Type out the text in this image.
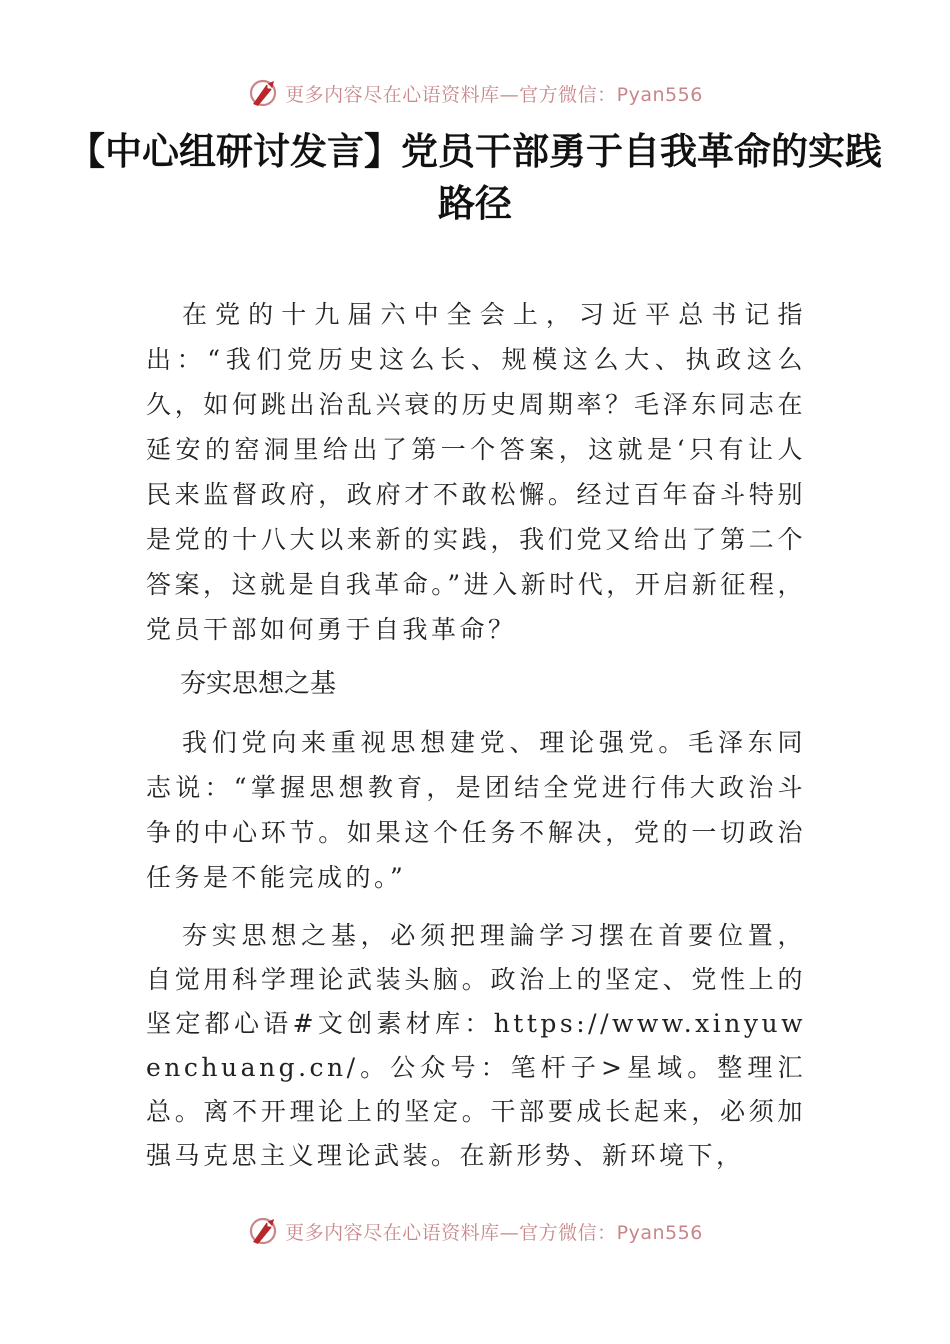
更多内容尽在心语资料库—官方微信：Pyan556
【中心组研讨发言】党员干部勇于自我革命的实践路径

在党的十九届六中全会上，习近平总书记指出：“我们党历史这么长、规模这么大、执政这么久，如何跳出治乱兴衰的历史周期率？毛泽东同志在延安的窑洞里给出了第一个答案，这就是‘只有让人民来监督政府，政府才不敢松懈。经过百年奋斗特别是党的十八大以来新的实践，我们党又给出了第二个答案，这就是自我革命。”进入新时代，开启新征程，党员干部如何勇于自我革命？

夯实思想之基

我们党向来重视思想建党、理论强党。毛泽东同志说：“掌握思想教育，是团结全党进行伟大政治斗争的中心环节。如果这个任务不解决，党的一切政治任务是不能完成的。”

夯实思想之基，必须把理論学习摆在首要位置，自觉用科学理论武装头脑。政治上的坚定、党性上的坚定都心语#文创素材库：https://www.xinyuwenchuang.cn/。公众号：笔杆子>星域。整理汇总。离不开理论上的坚定。干部要成长起来，必须加强马克思主义理论武装。在新形势、新环境下，

更多内容尽在心语资料库—官方微信：Pyan556
